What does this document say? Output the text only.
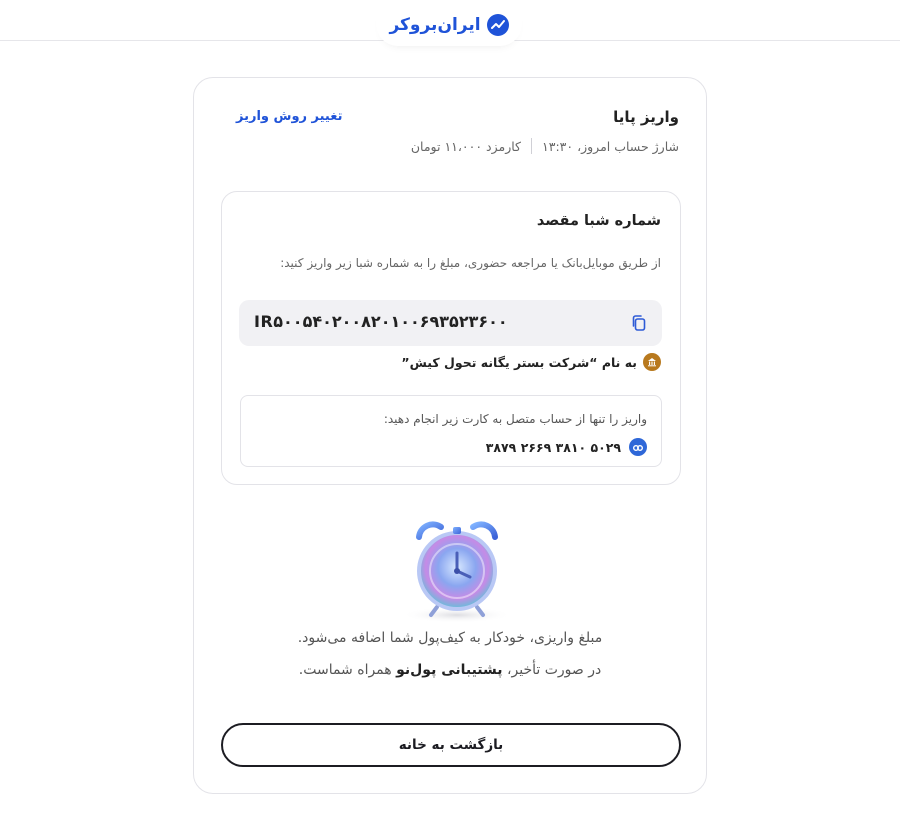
ایران‌بروکر
واریز پایا
تغییر روش واریز
شارژ حساب امروز، ۱۳:۳۰
کارمزد ۱۱،۰۰۰ تومان
شماره شبا مقصد
از طریق موبایل‌بانک یا مراجعه حضوری، مبلغ را به شماره شبا زیر واریز کنید:
IR۵۰۰۵۴۰۲۰۰۸۲۰۱۰۰۶۹۳۵۲۳۶۰۰
به نام “شرکت بستر یگانه تحول کیش”
واریز را تنها از حساب متصل به کارت زیر انجام دهید:
۵۰۲۹ ۳۸۱۰ ۲۶۶۹ ۳۸۷۹
مبلغ واریزی، خودکار به کیف‌پول شما اضافه می‌شود.
در صورت تأخیر، پشتیبانی پول‌نو همراه شماست.
بازگشت به خانه
